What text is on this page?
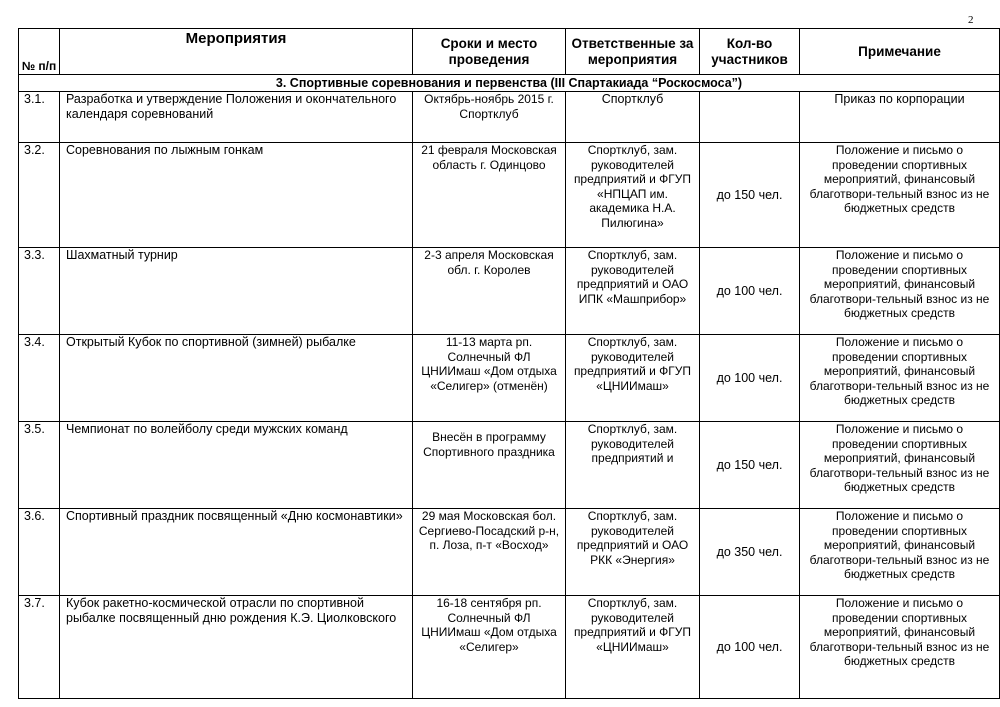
2
№ п/п	Мероприятия	Сроки и место проведения	Ответственные за мероприятия	Кол-во участников	Примечание
3. Спортивные соревнования и первенства (III Спартакиада “Роскосмоса”)					
3.1.	Разработка и утверждение Положения и окончательного календаря соревнований	Октябрь-ноябрь 2015 г. Спортклуб	Спортклуб		Приказ по корпорации
3.2.	Соревнования по лыжным гонкам	21 февраля Московская область г. Одинцово	Спортклуб, зам. руководителей предприятий и ФГУП «НПЦАП им. академика Н.А. Пилюгина»	до 150 чел.	Положение и письмо о проведении спортивных мероприятий, финансовый благотвори-тельный взнос из не бюджетных средств
3.3.	Шахматный турнир	2-3 апреля Московская обл. г. Королев	Спортклуб, зам. руководителей предприятий и ОАО ИПК «Машприбор»	до 100 чел.	Положение и письмо о проведении спортивных мероприятий, финансовый благотвори-тельный взнос из не бюджетных средств
3.4.	Открытый Кубок по спортивной (зимней) рыбалке	11-13 марта рп. Солнечный ФЛ ЦНИИмаш «Дом отдыха «Селигер» (отменён)	Спортклуб, зам. руководителей предприятий и ФГУП «ЦНИИмаш»	до 100 чел.	Положение и письмо о проведении спортивных мероприятий, финансовый благотвори-тельный взнос из не бюджетных средств
3.5.	Чемпионат по волейболу среди мужских команд	Внесён в программу Спортивного праздника	Спортклуб, зам. руководителей предприятий и	до 150 чел.	Положение и письмо о проведении спортивных мероприятий, финансовый благотвори-тельный взнос из не бюджетных средств
3.6.	Спортивный праздник посвященный «Дню космонавтики»	29 мая Московская бол. Сергиево-Посадский р-н, п. Лоза, п-т «Восход»	Спортклуб, зам. руководителей предприятий и ОАО РКК «Энергия»	до 350 чел.	Положение и письмо о проведении спортивных мероприятий, финансовый благотвори-тельный взнос из не бюджетных средств
3.7.	Кубок ракетно-космической отрасли по спортивной рыбалке посвященный дню рождения К.Э. Циолковского	16-18 сентября рп. Солнечный ФЛ ЦНИИмаш «Дом отдыха «Селигер»	Спортклуб, зам. руководителей предприятий и ФГУП «ЦНИИмаш»	до 100 чел.	Положение и письмо о проведении спортивных мероприятий, финансовый благотвори-тельный взнос из не бюджетных средств
